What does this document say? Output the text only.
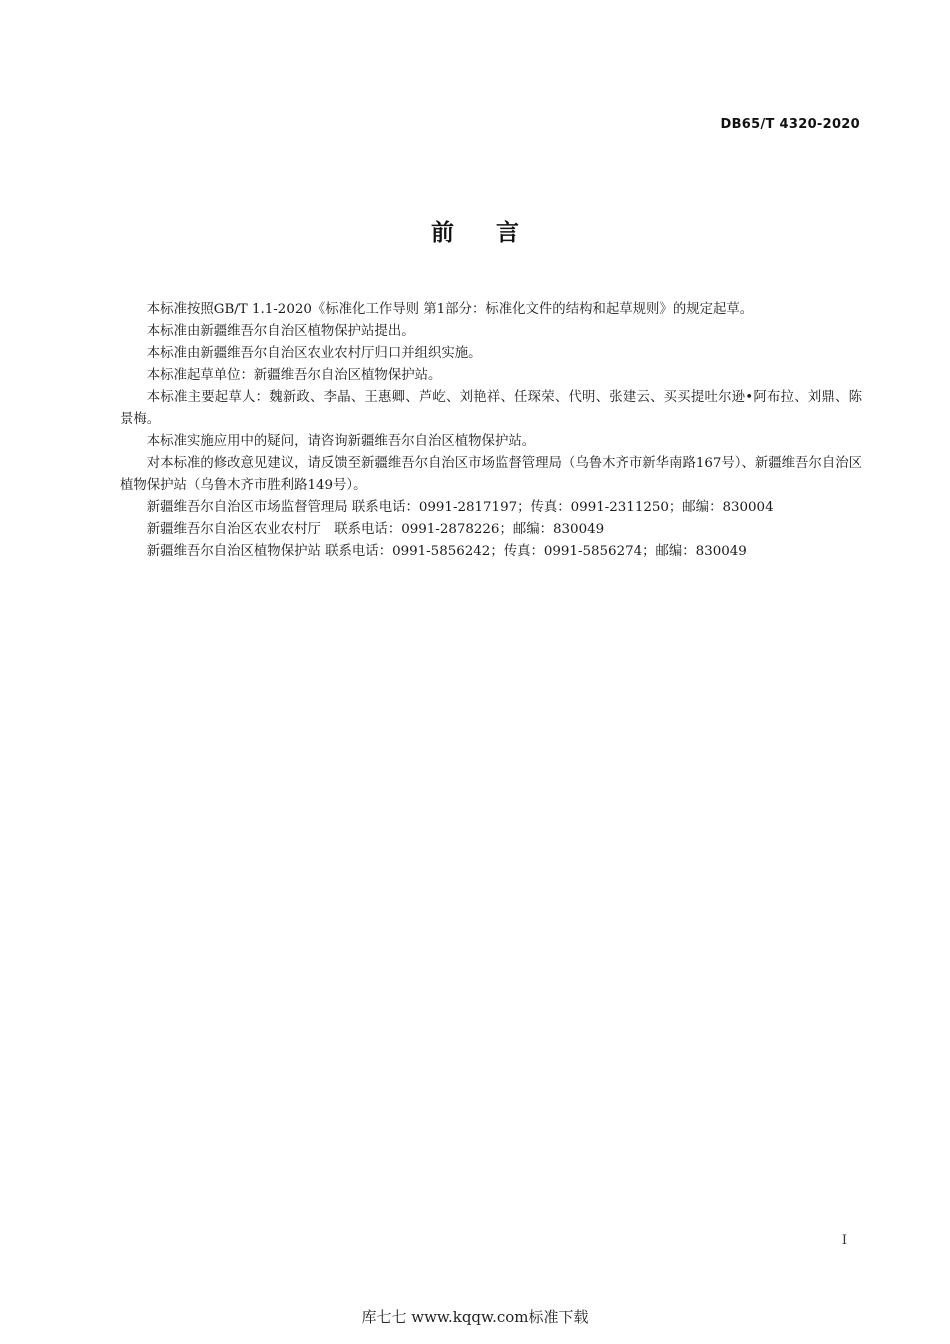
DB65/T 4320-2020
前言

本标准按照GB/T 1.1-2020《标准化工作导则 第1部分：标准化文件的结构和起草规则》的规定起草。

本标准由新疆维吾尔自治区植物保护站提出。

本标准由新疆维吾尔自治区农业农村厅归口并组织实施。

本标准起草单位：新疆维吾尔自治区植物保护站。

本标准主要起草人：魏新政、李晶、王惠卿、芦屹、刘艳祥、任琛荣、代明、张建云、买买提吐尔逊•阿布拉、刘鼎、陈景梅。

本标准实施应用中的疑问，请咨询新疆维吾尔自治区植物保护站。

对本标准的修改意见建议，请反馈至新疆维吾尔自治区市场监督管理局（乌鲁木齐市新华南路167号）、新疆维吾尔自治区植物保护站（乌鲁木齐市胜利路149号）。

新疆维吾尔自治区市场监督管理局 联系电话：0991-2817197；传真：0991-2311250；邮编：830004

新疆维吾尔自治区农业农村厅　联系电话：0991-2878226；邮编：830049

新疆维吾尔自治区植物保护站 联系电话：0991-5856242；传真：0991-5856274；邮编：830049

I
库七七 www.kqqw.com标准下载
